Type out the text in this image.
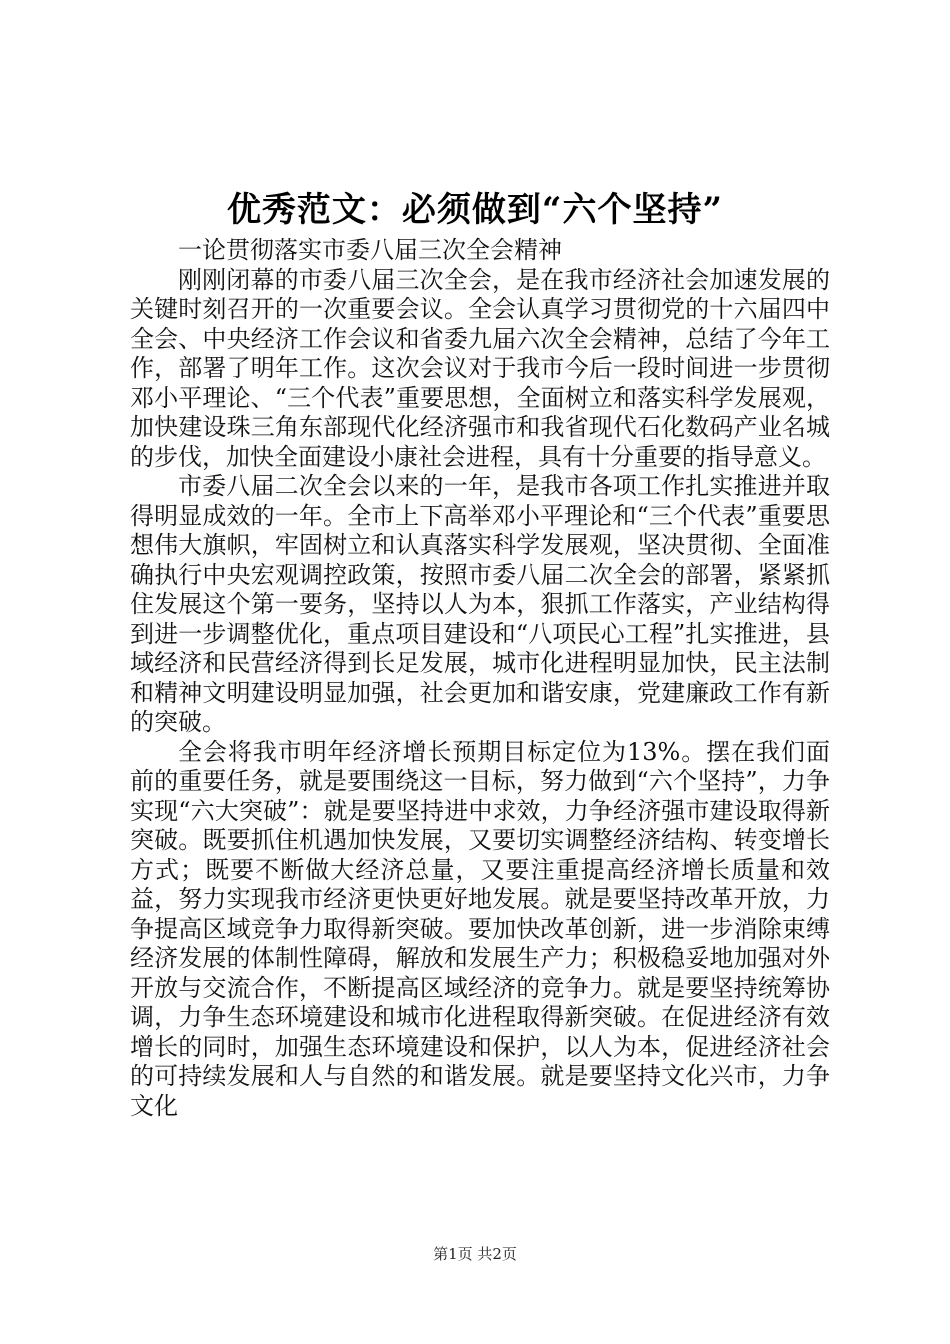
优秀范文：必须做到“六个坚持”

一论贯彻落实市委八届三次全会精神

刚刚闭幕的市委八届三次全会，是在我市经济社会加速发展的关键时刻召开的一次重要会议。全会认真学习贯彻党的十六届四中全会、中央经济工作会议和省委九届六次全会精神，总结了今年工作，部署了明年工作。这次会议对于我市今后一段时间进一步贯彻邓小平理论、“三个代表”重要思想，全面树立和落实科学发展观，加快建设珠三角东部现代化经济强市和我省现代石化数码产业名城的步伐，加快全面建设小康社会进程，具有十分重要的指导意义。

市委八届二次全会以来的一年，是我市各项工作扎实推进并取得明显成效的一年。全市上下高举邓小平理论和“三个代表”重要思想伟大旗帜，牢固树立和认真落实科学发展观，坚决贯彻、全面准确执行中央宏观调控政策，按照市委八届二次全会的部署，紧紧抓住发展这个第一要务，坚持以人为本，狠抓工作落实，产业结构得到进一步调整优化，重点项目建设和“八项民心工程”扎实推进，县域经济和民营经济得到长足发展，城市化进程明显加快，民主法制和精神文明建设明显加强，社会更加和谐安康，党建廉政工作有新的突破。

全会将我市明年经济增长预期目标定位为13%。摆在我们面前的重要任务，就是要围绕这一目标，努力做到“六个坚持”，力争实现“六大突破”：就是要坚持进中求效，力争经济强市建设取得新突破。既要抓住机遇加快发展，又要切实调整经济结构、转变增长方式；既要不断做大经济总量，又要注重提高经济增长质量和效益，努力实现我市经济更快更好地发展。就是要坚持改革开放，力争提高区域竞争力取得新突破。要加快改革创新，进一步消除束缚经济发展的体制性障碍，解放和发展生产力；积极稳妥地加强对外开放与交流合作，不断提高区域经济的竞争力。就是要坚持统筹协调，力争生态环境建设和城市化进程取得新突破。在促进经济有效增长的同时，加强生态环境建设和保护，以人为本，促进经济社会的可持续发展和人与自然的和谐发展。就是要坚持文化兴市，力争文化

第1页 共2页
